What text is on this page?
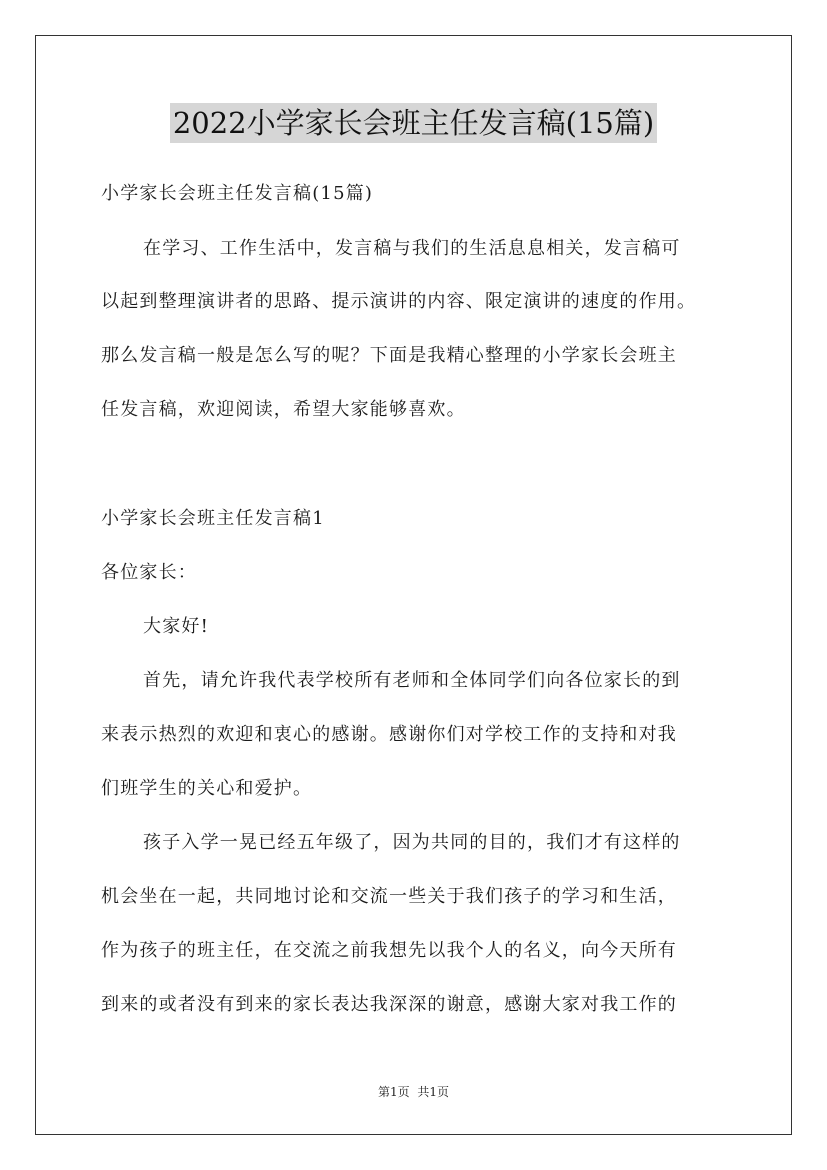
2022小学家长会班主任发言稿(15篇)
小学家长会班主任发言稿(15篇)
在学习、工作生活中，发言稿与我们的生活息息相关，发言稿可
以起到整理演讲者的思路、提示演讲的内容、限定演讲的速度的作用。
那么发言稿一般是怎么写的呢？下面是我精心整理的小学家长会班主
任发言稿，欢迎阅读，希望大家能够喜欢。
小学家长会班主任发言稿1
各位家长：
大家好!
首先，请允许我代表学校所有老师和全体同学们向各位家长的到
来表示热烈的欢迎和衷心的感谢。感谢你们对学校工作的支持和对我
们班学生的关心和爱护。
孩子入学一晃已经五年级了，因为共同的目的，我们才有这样的
机会坐在一起，共同地讨论和交流一些关于我们孩子的学习和生活，
作为孩子的班主任，在交流之前我想先以我个人的名义，向今天所有
到来的或者没有到来的家长表达我深深的谢意，感谢大家对我工作的
第1页 共1页
